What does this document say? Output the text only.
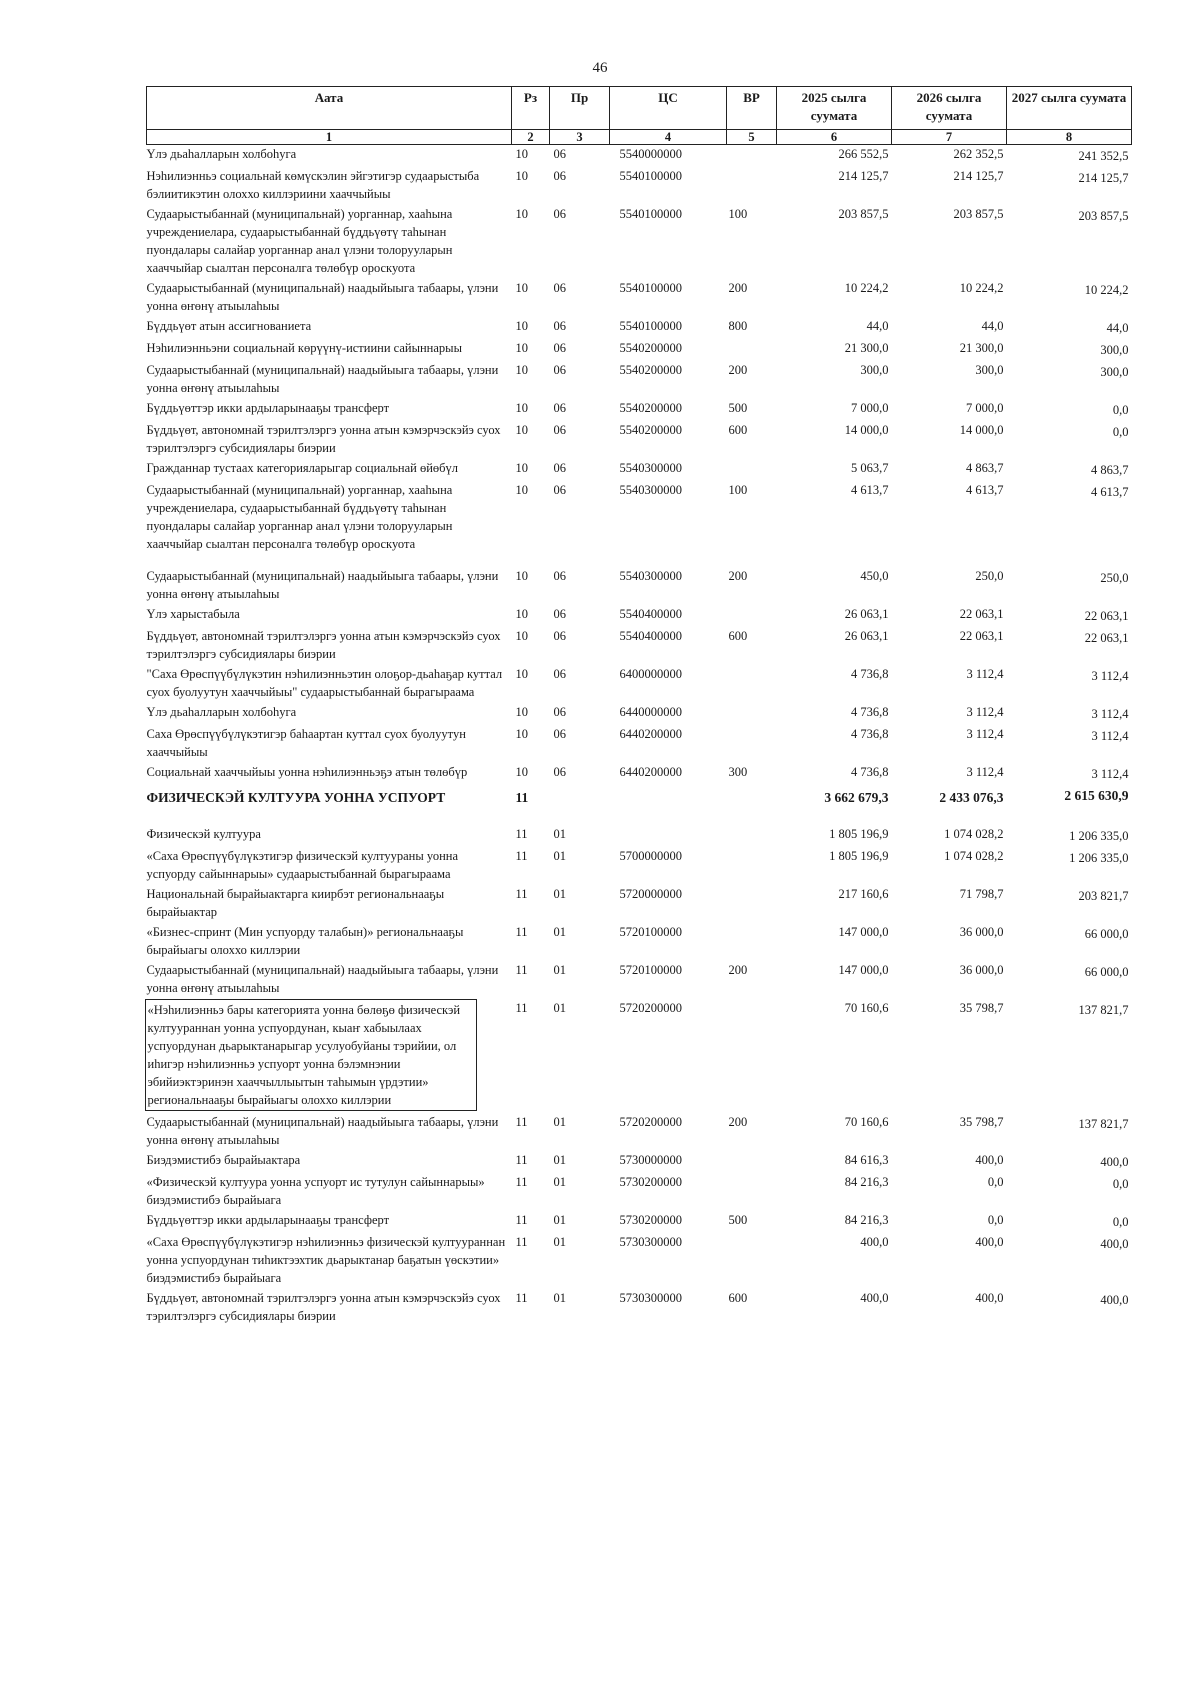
46
Аата	Рз	Пр	ЦС	ВР	2025 сылга суумата	2026 сылга суумата	2027 сылга суумата
1	2	3	4	5	6	7	8
Үлэ дьаһалларын холбоһуга	10	06	5540000000		266 552,5	262 352,5	241 352,5
Нэһилиэнньэ социальнай көмүскэлин эйгэтигэр судаарыстыба бэлиитикэтин олоххо киллэриини хааччыйыы	10	06	5540100000		214 125,7	214 125,7	214 125,7
Судаарыстыбаннай (муниципальнай) уорганнар, хааһына учреждениелара, судаарыстыбаннай бүддьүөтү таһынан пуондалары салайар уорганнар анал үлэни толорууларын хааччыйар сыалтан персоналга төлөбүр ороскуота	10	06	5540100000	100	203 857,5	203 857,5	203 857,5
Судаарыстыбаннай (муниципальнай) наадыйыыга табаары, үлэни уонна өҥөнү атыылаһыы	10	06	5540100000	200	10 224,2	10 224,2	10 224,2
Бүддьүөт атын ассигнованиета	10	06	5540100000	800	44,0	44,0	44,0
Нэһилиэнньэни социальнай көрүүнү-истиини сайыннарыы	10	06	5540200000		21 300,0	21 300,0	300,0
Судаарыстыбаннай (муниципальнай) наадыйыыга табаары, үлэни уонна өҥөнү атыылаһыы	10	06	5540200000	200	300,0	300,0	300,0
Бүддьүөттэр икки ардыларынааҕы трансферт	10	06	5540200000	500	7 000,0	7 000,0	0,0
Бүддьүөт, автономнай тэрилтэлэргэ уонна атын кэмэрчэскэйэ суох тэрилтэлэргэ субсидиялары биэрии	10	06	5540200000	600	14 000,0	14 000,0	0,0
Гражданнар тустаах категорияларыгар социальнай өйөбүл	10	06	5540300000		5 063,7	4 863,7	4 863,7
Судаарыстыбаннай (муниципальнай) уорганнар, хааһына учреждениелара, судаарыстыбаннай бүддьүөтү таһынан пуондалары салайар уорганнар анал үлэни толорууларын хааччыйар сыалтан персоналга төлөбүр ороскуота	10	06	5540300000	100	4 613,7	4 613,7	4 613,7
Судаарыстыбаннай (муниципальнай) наадыйыыга табаары, үлэни уонна өҥөнү атыылаһыы	10	06	5540300000	200	450,0	250,0	250,0
Үлэ харыстабыла	10	06	5540400000		26 063,1	22 063,1	22 063,1
Бүддьүөт, автономнай тэрилтэлэргэ уонна атын кэмэрчэскэйэ суох тэрилтэлэргэ субсидиялары биэрии	10	06	5540400000	600	26 063,1	22 063,1	22 063,1
"Саха Өрөспүүбүлүкэтин нэһилиэнньэтин олоҕор-дьаһаҕар куттал суох буолуутун хааччыйыы" судаарыстыбаннай бырагыраама	10	06	6400000000		4 736,8	3 112,4	3 112,4
Үлэ дьаһалларын холбоһуга	10	06	6440000000		4 736,8	3 112,4	3 112,4
Саха Өрөспүүбүлүкэтигэр баһаартан куттал суох буолуутун хааччыйыы	10	06	6440200000		4 736,8	3 112,4	3 112,4
Социальнай хааччыйыы уонна нэһилиэнньэҕэ атын төлөбүр	10	06	6440200000	300	4 736,8	3 112,4	3 112,4
ФИЗИЧЕСКЭЙ КУЛТУУРА УОННА УСПУОРТ	11				3 662 679,3	2 433 076,3	2 615 630,9
Физическэй култуура	11	01			1 805 196,9	1 074 028,2	1 206 335,0
«Саха Өрөспүүбүлүкэтигэр физическэй култуураны уонна успуорду сайыннарыы» судаарыстыбаннай бырагыраама	11	01	5700000000		1 805 196,9	1 074 028,2	1 206 335,0
Национальнай бырайыактарга киирбэт региональнааҕы бырайыактар	11	01	5720000000		217 160,6	71 798,7	203 821,7
«Бизнес-спринт (Мин успуорду талабын)» региональнааҕы бырайыагы олоххо киллэрии	11	01	5720100000		147 000,0	36 000,0	66 000,0
Судаарыстыбаннай (муниципальнай) наадыйыыга табаары, үлэни уонна өҥөнү атыылаһыы	11	01	5720100000	200	147 000,0	36 000,0	66 000,0

«Нэһилиэнньэ бары категорията уонна бөлөҕө физическэй култуураннан уонна успуордунан, кыаҥ хабыылаах успуордунан дьарыктанарыгар усулуобуйаны тэрийии, ол иһигэр нэһилиэнньэ успуорт уонна бэлэмнэнии эбийиэктэринэн хааччыллыытын таһымын үрдэтии» региональнааҕы бырайыагы олоххо киллэрии	11	01	5720200000		70 160,6	35 798,7	137 821,7
Судаарыстыбаннай (муниципальнай) наадыйыыга табаары, үлэни уонна өҥөнү атыылаһыы	11	01	5720200000	200	70 160,6	35 798,7	137 821,7
Биэдэмистибэ бырайыактара	11	01	5730000000		84 616,3	400,0	400,0
«Физическэй култуура уонна успуорт ис тутулун сайыннарыы» биэдэмистибэ бырайыага	11	01	5730200000		84 216,3	0,0	0,0
Бүддьүөттэр икки ардыларынааҕы трансферт	11	01	5730200000	500	84 216,3	0,0	0,0
«Саха Өрөспүүбүлүкэтигэр нэһилиэнньэ физическэй култуураннан уонна успуордунан тиһиктээхтик дьарыктанар баҕатын үөскэтии» биэдэмистибэ бырайыага	11	01	5730300000		400,0	400,0	400,0
Бүддьүөт, автономнай тэрилтэлэргэ уонна атын кэмэрчэскэйэ суох тэрилтэлэргэ субсидиялары биэрии	11	01	5730300000	600	400,0	400,0	400,0
